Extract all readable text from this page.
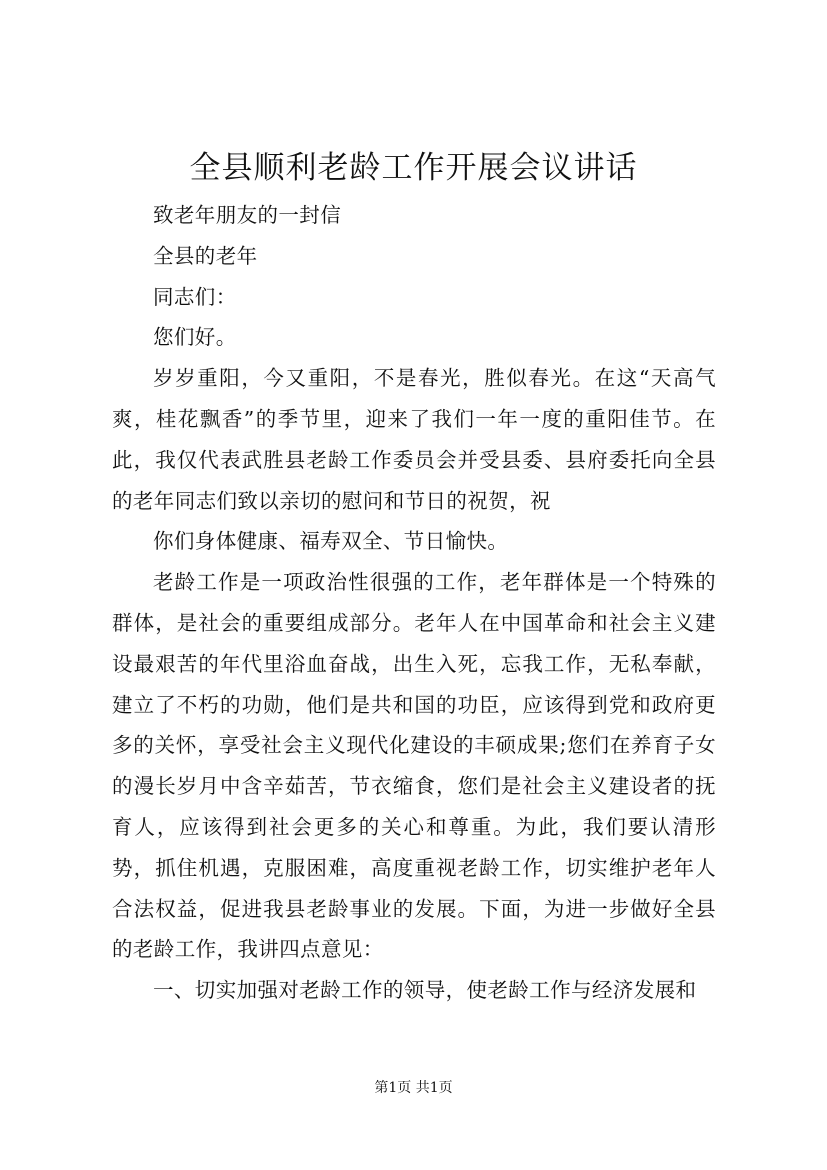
全县顺利老龄工作开展会议讲话

致老年朋友的一封信

全县的老年

同志们：

您们好。

岁岁重阳，今又重阳，不是春光，胜似春光。在这“天高气爽，桂花飘香”的季节里，迎来了我们一年一度的重阳佳节。在此，我仅代表武胜县老龄工作委员会并受县委、县府委托向全县的老年同志们致以亲切的慰问和节日的祝贺，祝

你们身体健康、福寿双全、节日愉快。

老龄工作是一项政治性很强的工作，老年群体是一个特殊的群体，是社会的重要组成部分。老年人在中国革命和社会主义建设最艰苦的年代里浴血奋战，出生入死，忘我工作，无私奉献，建立了不朽的功勋，他们是共和国的功臣，应该得到党和政府更多的关怀，享受社会主义现代化建设的丰硕成果;您们在养育子女的漫长岁月中含辛茹苦，节衣缩食，您们是社会主义建设者的抚育人，应该得到社会更多的关心和尊重。为此，我们要认清形势，抓住机遇，克服困难，高度重视老龄工作，切实维护老年人合法权益，促进我县老龄事业的发展。下面，为进一步做好全县的老龄工作，我讲四点意见：

一、切实加强对老龄工作的领导，使老龄工作与经济发展和

第1页 共1页
